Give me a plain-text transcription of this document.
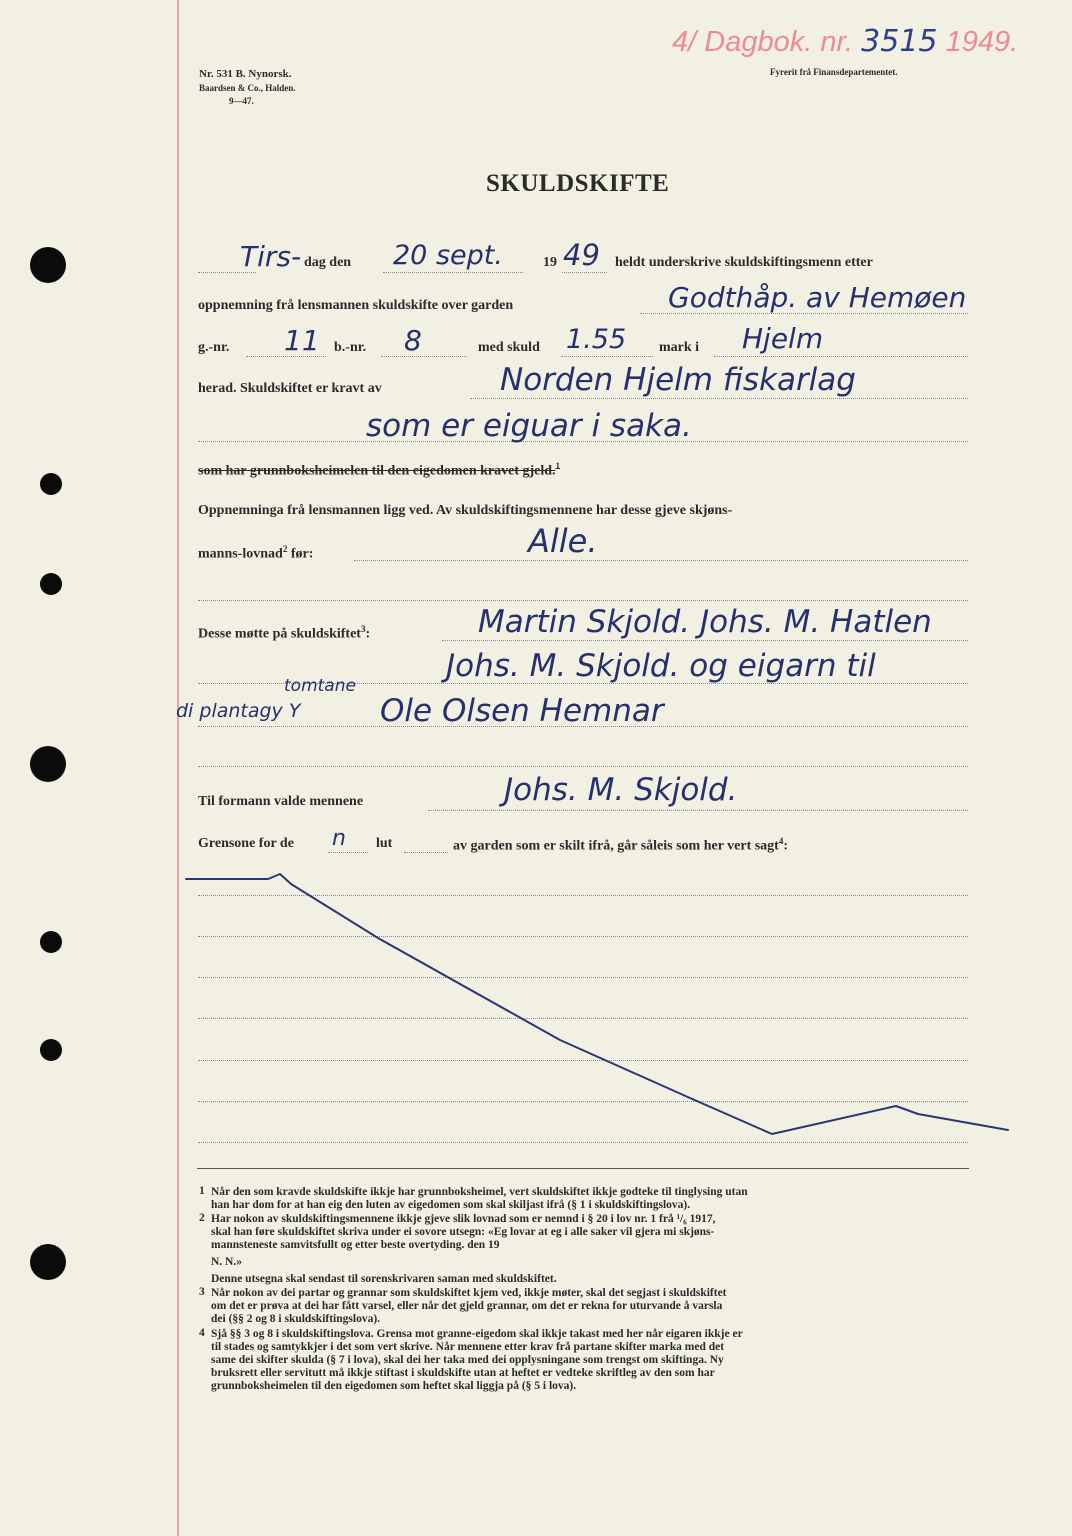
4/ Dagbok. nr. 3515 1949.
Nr. 531 B. Nynorsk.
Baardsen & Co., Halden.
9—47.
Fyrerit frå Finansdepartementet.
SKULDSKIFTE
Tirs- dag den 20 sept.	19 49 heldt underskrive skuldskiftingsmenn etter
oppnemning frå lensmannen skuldskifte over garden	Godthåp. av Hemøen
g.-nr. 11 b.-nr. 8	med skuld 1.55 mark i Hjelm
herad. Skuldskiftet er kravt av	Norden Hjelm fiskarlag
som er eiguar i saka.
som har grunnboksheimelen til den eigedomen kravet gjeld.$^1$
Oppnemninga frå lensmannen ligg ved. Av skuldskiftingsmennene har desse gjeve skjøns-
manns-lovnad$^2$ før:	Alle.
Desse møtte på skuldskiftet$^3$:	Martin Skjold. Johs. M. Hatlen
Johs. M. Skjold. og eigarn til
tomtane
di plantagy Y	Ole Olsen Hemnar
Til formann valde mennene	Johs. M. Skjold.
Grensone for de n lut	av garden som er skilt ifrå, går såleis som her vert sagt$^4$:
1 Når den som kravde skuldskifte ikkje har grunnboksheimel, vert skuldskiftet ikkje godteke til tinglysing utan
han har dom for at han eig den luten av eigedomen som skal skiljast ifrå (§ 1 i skuldskiftingslova).
2 Har nokon av skuldskiftingsmennene ikkje gjeve slik lovnad som er nemnd i § 20 i lov nr. 1 frå ¹/₆ 1917,
skal han føre skuldskiftet skriva under ei sovore utsegn: «Eg lovar at eg i alle saker vil gjera mi skjøns-
mannsteneste samvitsfullt og etter beste overtyding. den 19
N. N.»
Denne utsegna skal sendast til sorenskrivaren saman med skuldskiftet.
3 Når nokon av dei partar og grannar som skuldskiftet kjem ved, ikkje møter, skal det segjast i skuldskiftet
om det er prøva at dei har fått varsel, eller når det gjeld grannar, om det er rekna for uturvande å varsla
dei (§§ 2 og 8 i skuldskiftingslova).
4 Sjå §§ 3 og 8 i skuldskiftingslova. Grensa mot granne-eigedom skal ikkje takast med her når eigaren ikkje er
til stades og samtykkjer i det som vert skrive. Når mennene etter krav frå partane skifter marka med det
same dei skifter skulda (§ 7 i lova), skal dei her taka med dei opplysningane som trengst om skiftinga. Ny
bruksrett eller servitutt må ikkje stiftast i skuldskifte utan at heftet er vedteke skriftleg av den som har
grunnboksheimelen til den eigedomen som heftet skal liggja på (§ 5 i lova).
